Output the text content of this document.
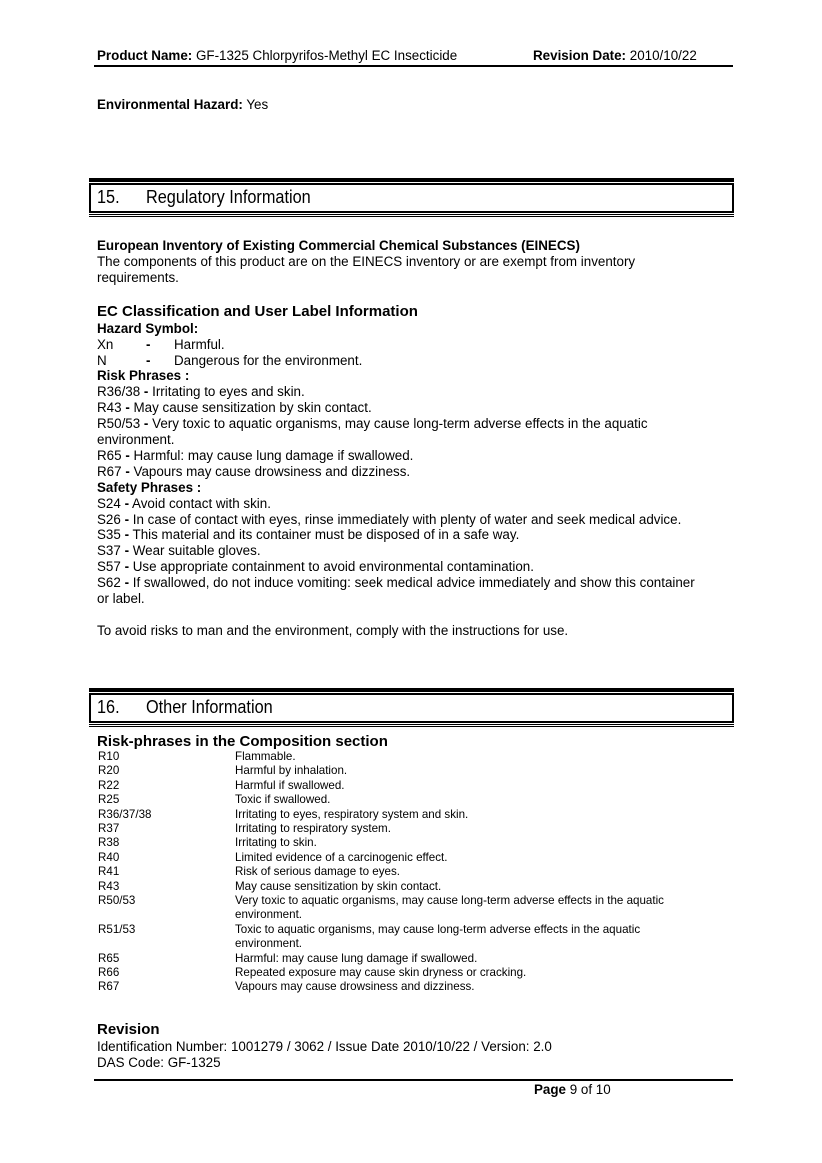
Product Name: GF-1325 Chlorpyrifos-Methyl EC Insecticide	Revision Date: 2010/10/22
Environmental Hazard: Yes
15. Regulatory Information
European Inventory of Existing Commercial Chemical Substances (EINECS)
The components of this product are on the EINECS inventory or are exempt from inventory
requirements.
EC Classification and User Label Information
Hazard Symbol:
Xn - Harmful.
N	- Dangerous for the environment.
Risk Phrases :
R36/38 - Irritating to eyes and skin.
R43 - May cause sensitization by skin contact.
R50/53 - Very toxic to aquatic organisms, may cause long-term adverse effects in the aquatic
environment.
R65 - Harmful: may cause lung damage if swallowed.
R67 - Vapours may cause drowsiness and dizziness.
Safety Phrases :
S24 - Avoid contact with skin.
S26 - In case of contact with eyes, rinse immediately with plenty of water and seek medical advice.
S35 - This material and its container must be disposed of in a safe way.
S37 - Wear suitable gloves.
S57 - Use appropriate containment to avoid environmental contamination.
S62 - If swallowed, do not induce vomiting: seek medical advice immediately and show this container
or label.
To avoid risks to man and the environment, comply with the instructions for use.
16. Other Information
Risk-phrases in the Composition section
R10	Flammable.
R20	Harmful by inhalation.
R22	Harmful if swallowed.
R25	Toxic if swallowed.
R36/37/38	Irritating to eyes, respiratory system and skin.
R37	Irritating to respiratory system.
R38	Irritating to skin.
R40	Limited evidence of a carcinogenic effect.
R41	Risk of serious damage to eyes.
R43	May cause sensitization by skin contact.
R50/53	Very toxic to aquatic organisms, may cause long-term adverse effects in the aquatic
environment.
R51/53	Toxic to aquatic organisms, may cause long-term adverse effects in the aquatic
environment.
R65	Harmful: may cause lung damage if swallowed.
R66	Repeated exposure may cause skin dryness or cracking.
R67	Vapours may cause drowsiness and dizziness.
Revision
Identification Number: 1001279 / 3062 / Issue Date 2010/10/22 / Version: 2.0
DAS Code: GF-1325
Page 9 of 10
